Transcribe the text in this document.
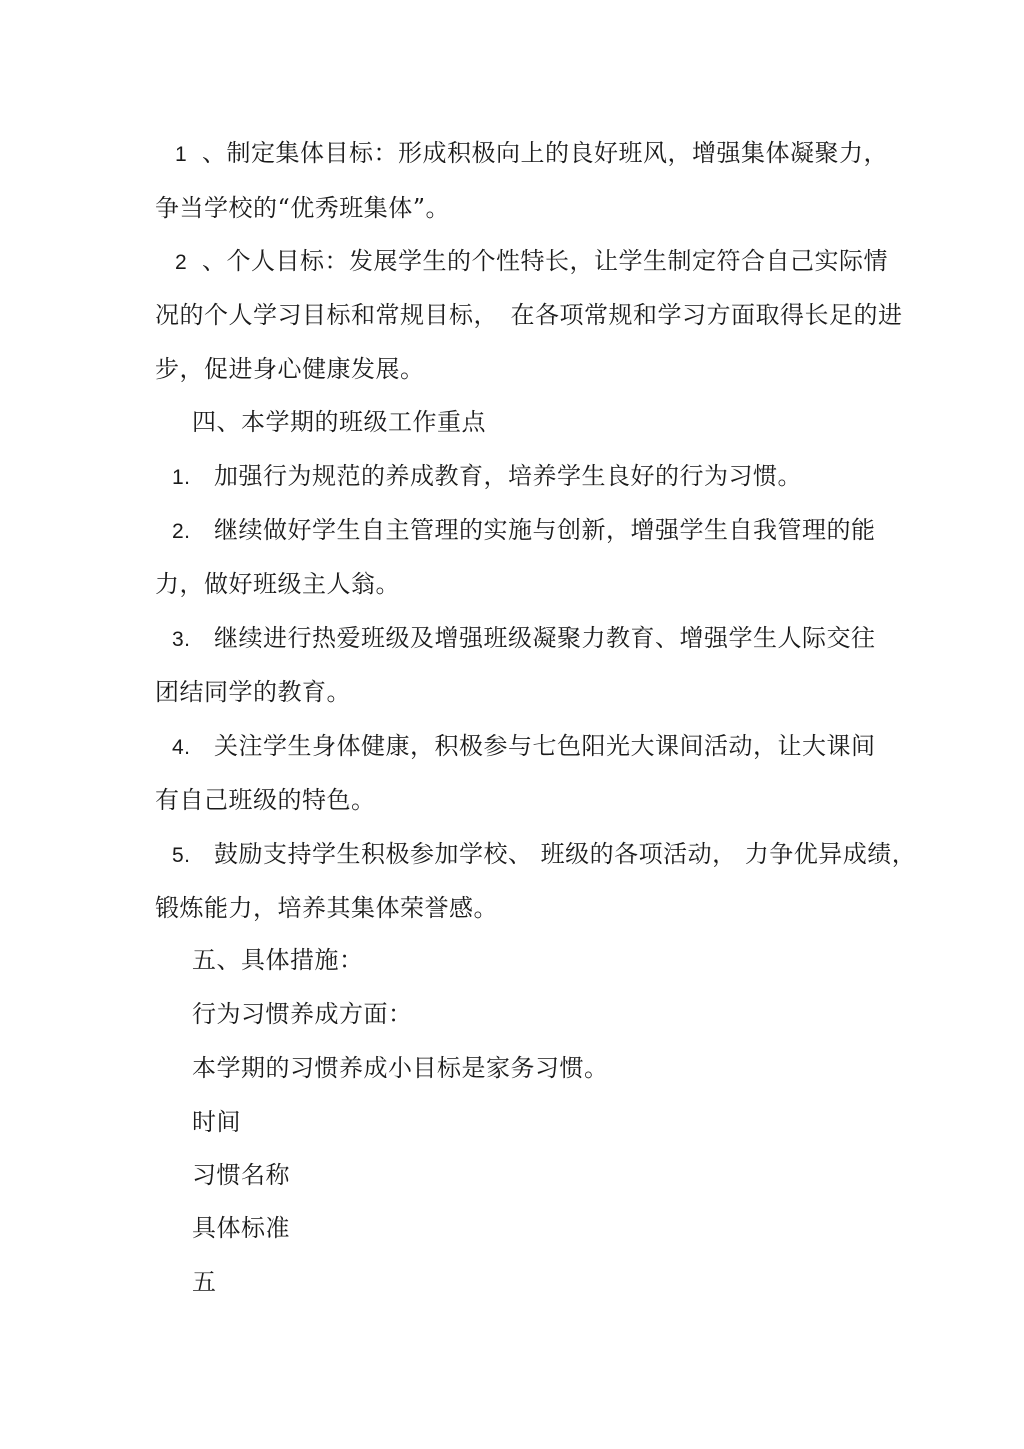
1 、制定集体目标：形成积极向上的良好班风，增强集体凝聚力，
争当学校的“优秀班集体”。
2 、个人目标：发展学生的个性特长，让学生制定符合自己实际情
况的个人学习目标和常规目标，　在各项常规和学习方面取得长足的进
步，促进身心健康发展。
四、本学期的班级工作重点
1. 加强行为规范的养成教育，培养学生良好的行为习惯。
2. 继续做好学生自主管理的实施与创新，增强学生自我管理的能
力，做好班级主人翁。
3. 继续进行热爱班级及增强班级凝聚力教育、增强学生人际交往
团结同学的教育。
4. 关注学生身体健康，积极参与七色阳光大课间活动，让大课间
有自己班级的特色。
5. 鼓励支持学生积极参加学校、 班级的各项活动， 力争优异成绩，
锻炼能力，培养其集体荣誉感。
五、具体措施：
行为习惯养成方面：
本学期的习惯养成小目标是家务习惯。
时间
习惯名称
具体标准
五
